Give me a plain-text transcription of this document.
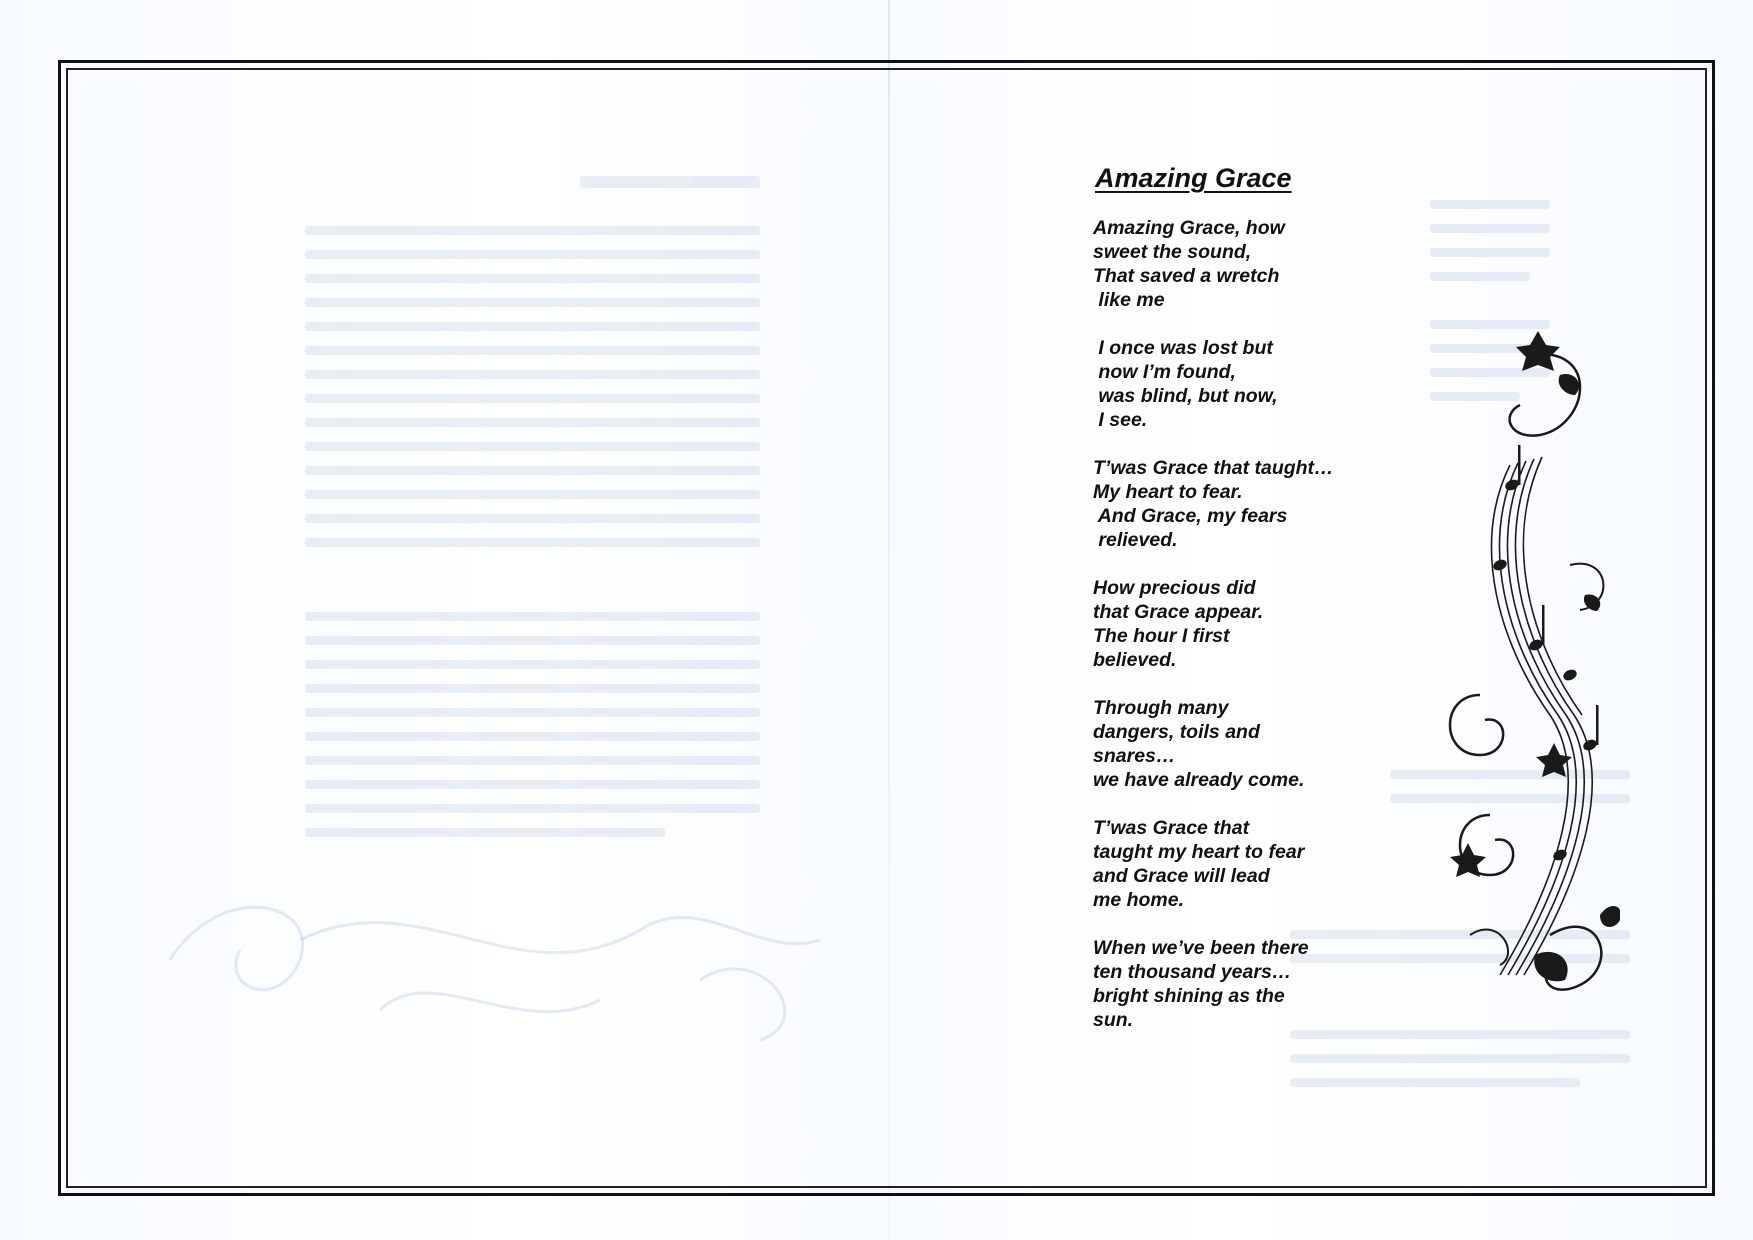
Amazing Grace
Amazing Grace, how
sweet the sound,
That saved a wretch
like me
I once was lost but
now I’m found,
was blind, but now,
I see.
T’was Grace that taught…
My heart to fear.
And Grace, my fears
relieved.
How precious did
that Grace appear.
The hour I first
believed.
Through many
dangers, toils and
snares…
we have already come.
T’was Grace that
taught my heart to fear
and Grace will lead
me home.
When we’ve been there
ten thousand years…
bright shining as the
sun.
